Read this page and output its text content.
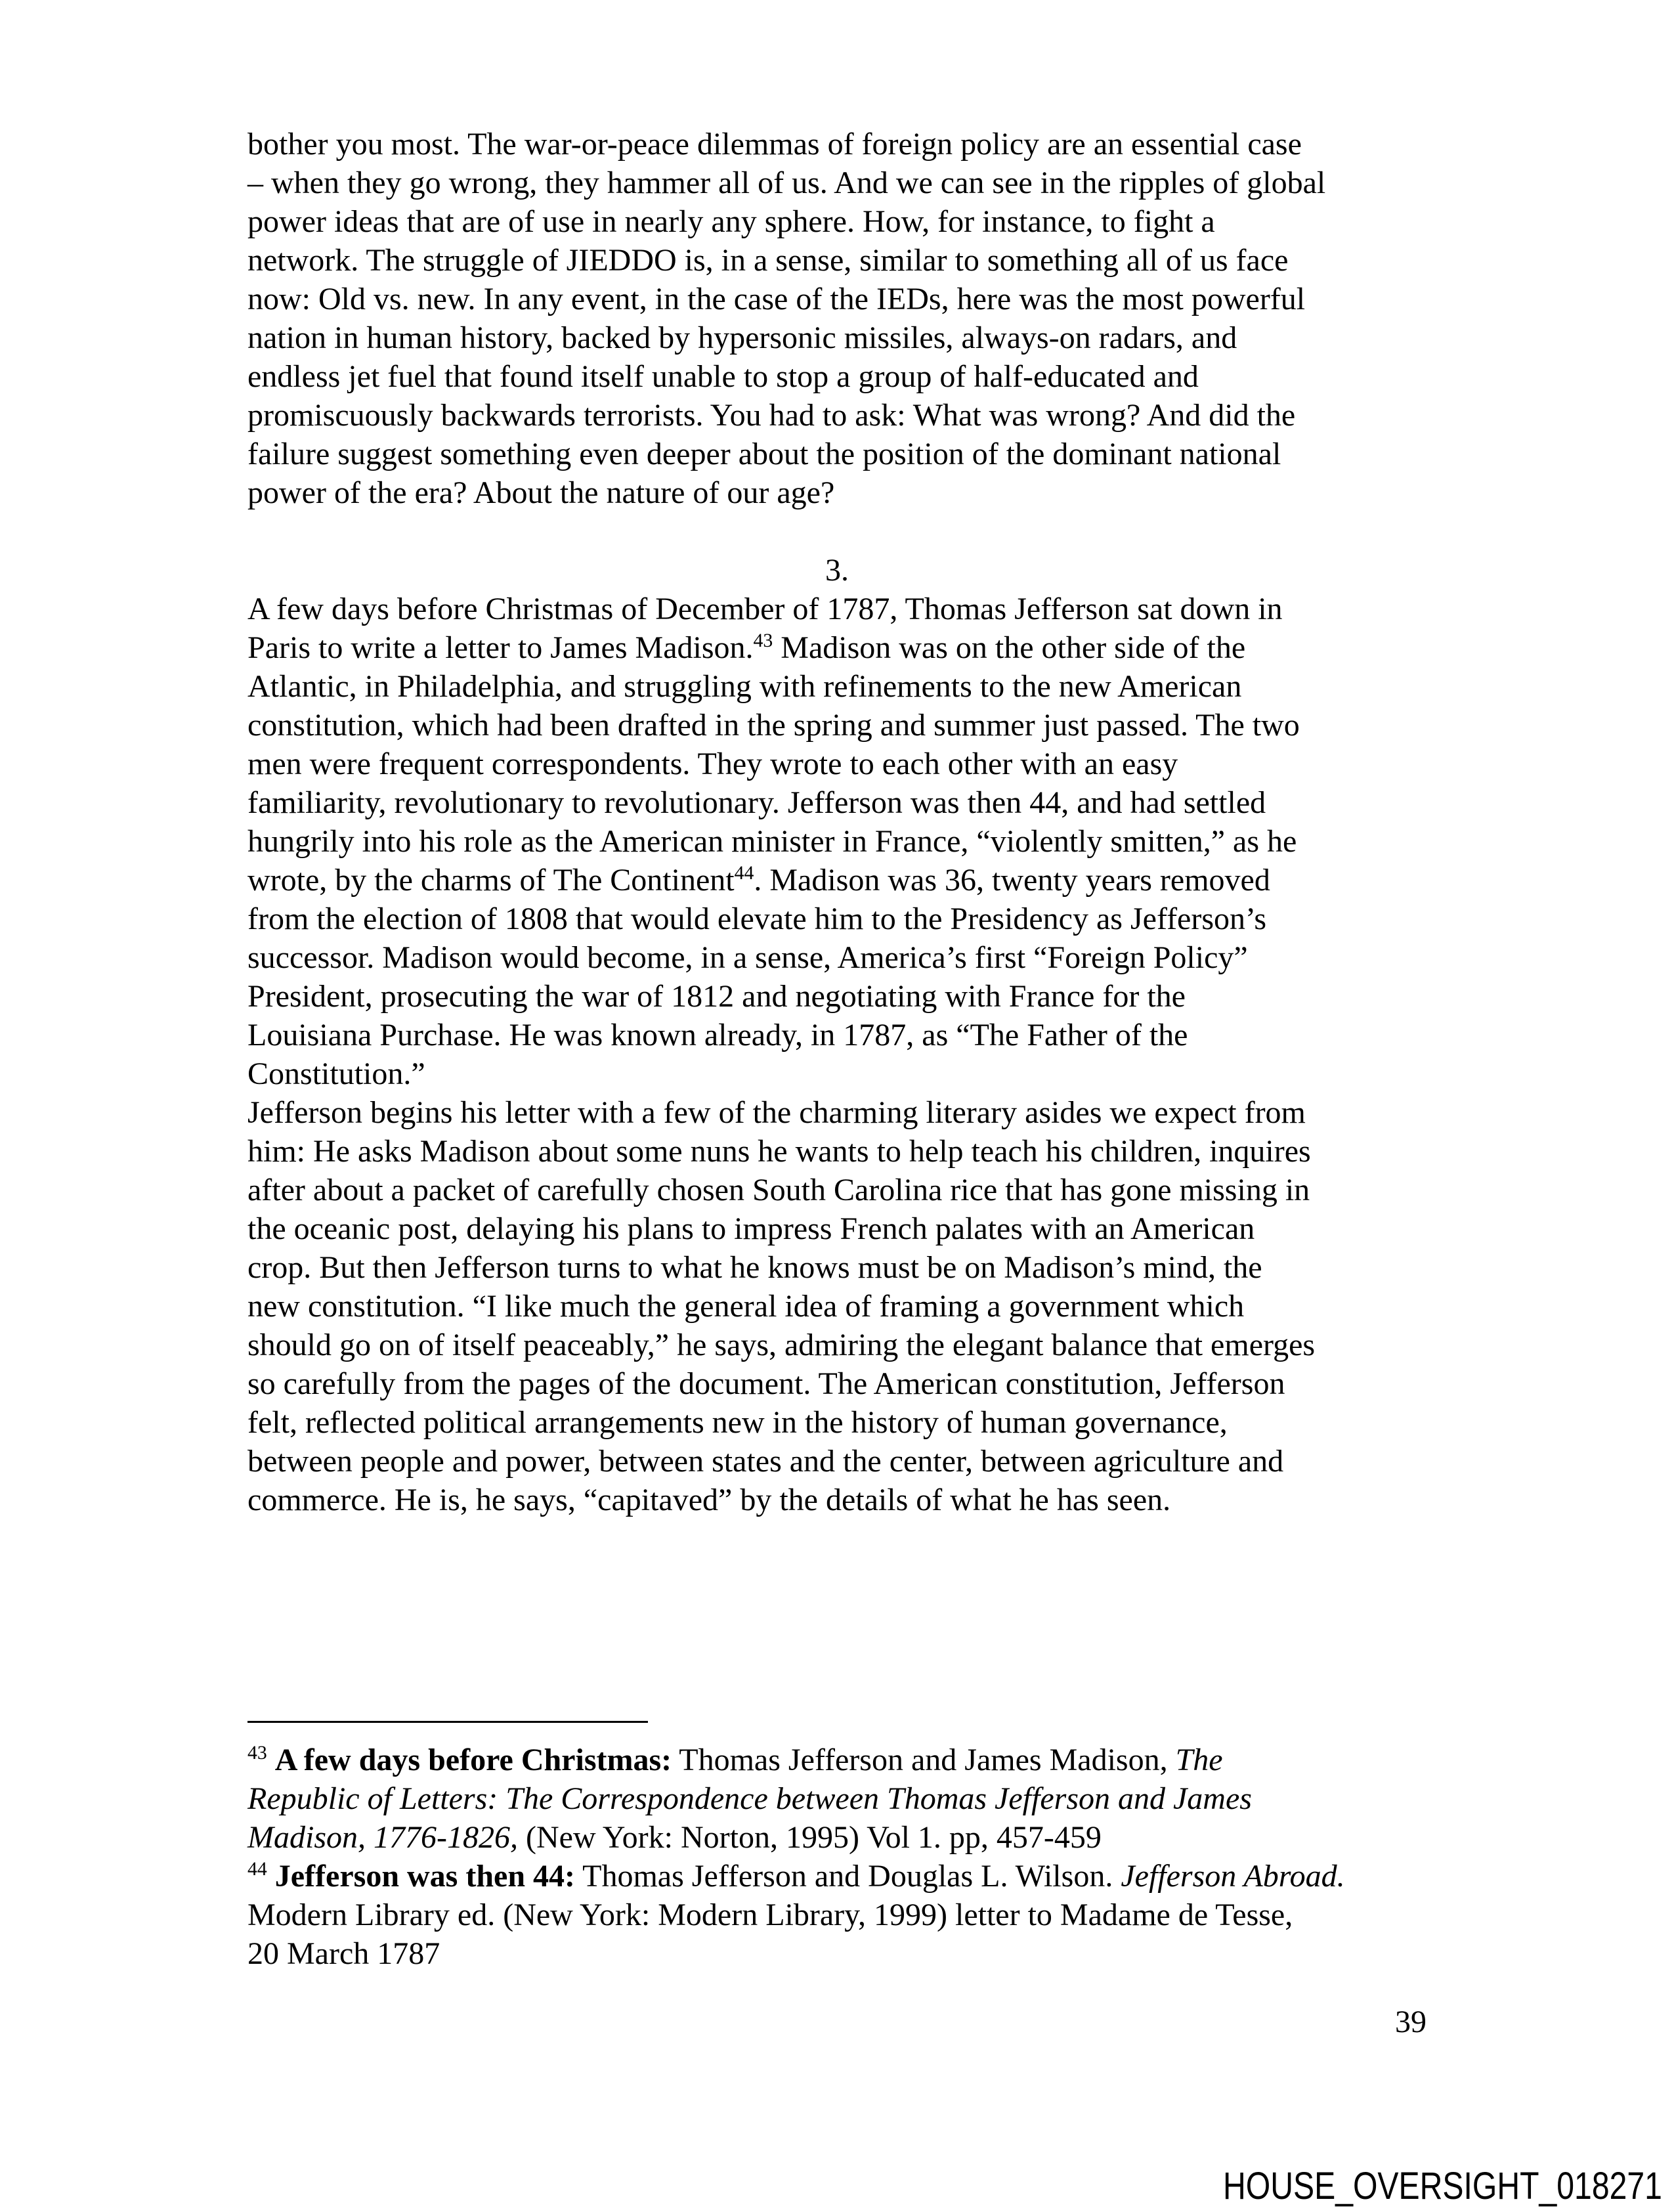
bother you most. The war-or-peace dilemmas of foreign policy are an essential case
– when they go wrong, they hammer all of us. And we can see in the ripples of global
power ideas that are of use in nearly any sphere. How, for instance, to fight a
network. The struggle of JIEDDO is, in a sense, similar to something all of us face
now: Old vs. new. In any event, in the case of the IEDs, here was the most powerful
nation in human history, backed by hypersonic missiles, always-on radars, and
endless jet fuel that found itself unable to stop a group of half-educated and
promiscuously backwards terrorists. You had to ask: What was wrong? And did the
failure suggest something even deeper about the position of the dominant national
power of the era? About the nature of our age?
3.
A few days before Christmas of December of 1787, Thomas Jefferson sat down in
Paris to write a letter to James Madison.$^{43}$ Madison was on the other side of the
Atlantic, in Philadelphia, and struggling with refinements to the new American
constitution, which had been drafted in the spring and summer just passed. The two
men were frequent correspondents. They wrote to each other with an easy
familiarity, revolutionary to revolutionary. Jefferson was then 44, and had settled
hungrily into his role as the American minister in France, “violently smitten,” as he
wrote, by the charms of The Continent$^{44}$. Madison was 36, twenty years removed
from the election of 1808 that would elevate him to the Presidency as Jefferson’s
successor. Madison would become, in a sense, America’s first “Foreign Policy”
President, prosecuting the war of 1812 and negotiating with France for the
Louisiana Purchase. He was known already, in 1787, as “The Father of the
Constitution.”
Jefferson begins his letter with a few of the charming literary asides we expect from
him: He asks Madison about some nuns he wants to help teach his children, inquires
after about a packet of carefully chosen South Carolina rice that has gone missing in
the oceanic post, delaying his plans to impress French palates with an American
crop. But then Jefferson turns to what he knows must be on Madison’s mind, the
new constitution. “I like much the general idea of framing a government which
should go on of itself peaceably,” he says, admiring the elegant balance that emerges
so carefully from the pages of the document. The American constitution, Jefferson
felt, reflected political arrangements new in the history of human governance,
between people and power, between states and the center, between agriculture and
commerce. He is, he says, “capitaved” by the details of what he has seen.
$^{43}$ A few days before Christmas: Thomas Jefferson and James Madison, The
Republic of Letters: The Correspondence between Thomas Jefferson and James
Madison, 1776-1826, (New York: Norton, 1995) Vol 1. pp, 457-459
$^{44}$ Jefferson was then 44: Thomas Jefferson and Douglas L. Wilson. Jefferson Abroad.
Modern Library ed. (New York: Modern Library, 1999) letter to Madame de Tesse,
20 March 1787
39
HOUSE_OVERSIGHT_018271
